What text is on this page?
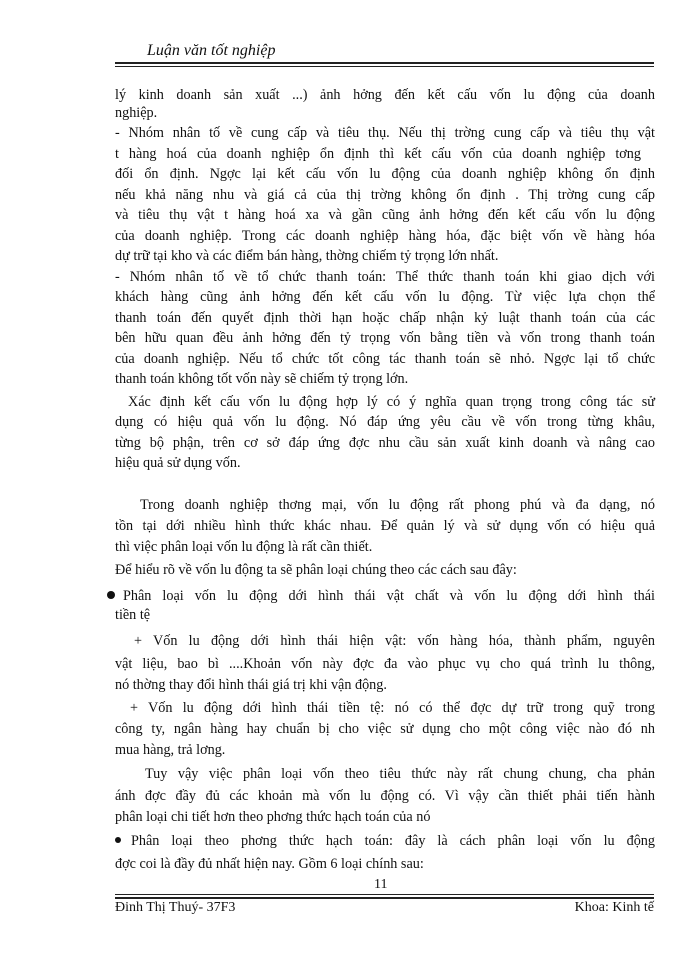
Luận văn tốt nghiệp
lý kinh doanh sản xuất ...) ảnh hởng đến kết cấu vốn lu động của doanh
nghiệp.
- Nhóm nhân tố về cung cấp và tiêu thụ. Nếu thị trờng cung cấp và tiêu thụ vật
t hàng hoá của doanh nghiệp ổn định thì kết cấu vốn của doanh nghiệp tơng
đối ổn định. Ngợc lại kết cấu vốn lu động của doanh nghiệp không ổn định
nếu khả năng nhu và giá cả của thị trờng không ổn định . Thị trờng cung cấp
và tiêu thụ vật t hàng hoá xa và gần cũng ảnh hởng đến kết cấu vốn lu động
của doanh nghiệp. Trong các doanh nghiệp hàng hóa, đặc biệt vốn về hàng hóa
dự trữ tại kho và các điểm bán hàng, thờng chiếm tỷ trọng lớn nhất.
- Nhóm nhân tố về tổ chức thanh toán: Thể thức thanh toán khi giao dịch với
khách hàng cũng ảnh hởng đến kết cấu vốn lu động. Từ việc lựa chọn thể
thanh toán đến quyết định thời hạn hoặc chấp nhận kỷ luật thanh toán của các
bên hữu quan đều ảnh hởng đến tỷ trọng vốn bằng tiền và vốn trong thanh toán
của doanh nghiệp. Nếu tổ chức tốt công tác thanh toán sẽ nhỏ. Ngợc lại tổ chức
thanh toán không tốt vốn này sẽ chiếm tỷ trọng lớn.
Xác định kết cấu vốn lu động hợp lý có ý nghĩa quan trọng trong công tác sử
dụng có hiệu quả vốn lu động. Nó đáp ứng yêu cầu về vốn trong từng khâu,
từng bộ phận, trên cơ sở đáp ứng đợc nhu cầu sản xuất kinh doanh và nâng cao
hiệu quả sử dụng vốn.
Trong doanh nghiệp thơng mại, vốn lu động rất phong phú và đa dạng, nó
tồn tại dới nhiều hình thức khác nhau. Để quản lý và sử dụng vốn có hiệu quả
thì việc phân loại vốn lu động là rất cần thiết.
Để hiểu rõ về vốn lu động ta sẽ phân loại chúng theo các cách sau đây:
Phân loại vốn lu động dới hình thái vật chất và vốn lu động dới hình thái
tiền tệ
+ Vốn lu động dới hình thái hiện vật: vốn hàng hóa, thành phẩm, nguyên
vật liệu, bao bì ....Khoản vốn này đợc đa vào phục vụ cho quá trình lu thông,
nó thờng thay đổi hình thái giá trị khi vận động.
+ Vốn lu động dới hình thái tiền tệ: nó có thể đợc dự trữ trong quỹ trong
công ty, ngân hàng hay chuẩn bị cho việc sử dụng cho một công việc nào đó nh
mua hàng, trả lơng.
Tuy vậy việc phân loại vốn theo tiêu thức này rất chung chung, cha phản
ánh đợc đầy đủ các khoản mà vốn lu động có. Vì vậy cần thiết phải tiến hành
phân loại chi tiết hơn theo phơng thức hạch toán của nó
Phân loại theo phơng thức hạch toán: đây là cách phân loại vốn lu động
đợc coi là đầy đủ nhất hiện nay. Gồm 6 loại chính sau:
11
Đinh Thị Thuý- 37F3	Khoa: Kinh tế
